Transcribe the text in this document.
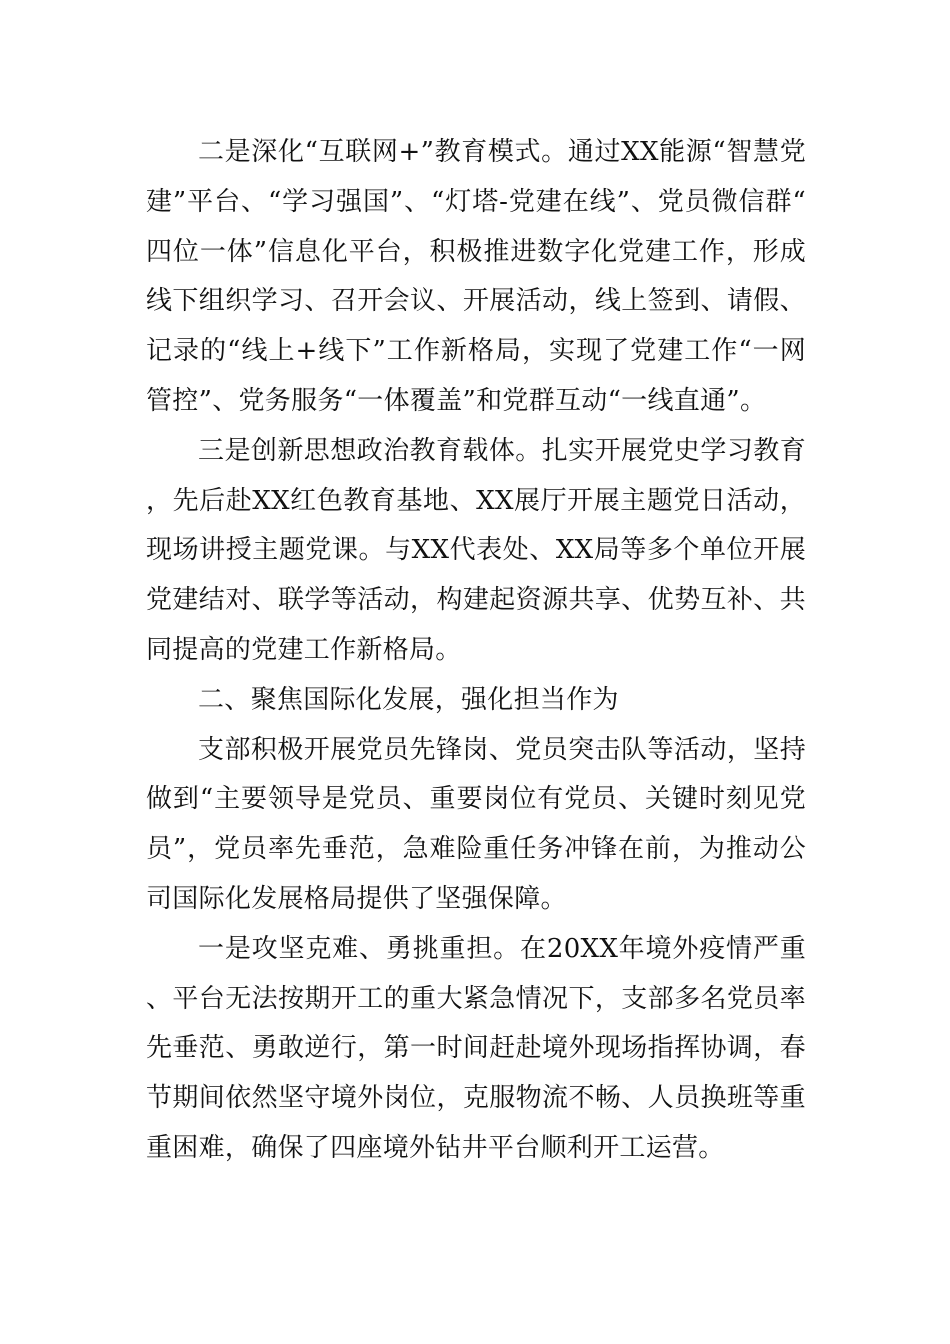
二是深化“互联网+”教育模式。通过XX能源“智慧党建”平台、“学习强国”、“灯塔-党建在线”、党员微信群“四位一体”信息化平台，积极推进数字化党建工作，形成线下组织学习、召开会议、开展活动，线上签到、请假、记录的“线上+线下”工作新格局，实现了党建工作“一网管控”、党务服务“一体覆盖”和党群互动“一线直通”。

三是创新思想政治教育载体。扎实开展党史学习教育，先后赴XX红色教育基地、XX展厅开展主题党日活动，现场讲授主题党课。与XX代表处、XX局等多个单位开展党建结对、联学等活动，构建起资源共享、优势互补、共同提高的党建工作新格局。

二、聚焦国际化发展，强化担当作为

支部积极开展党员先锋岗、党员突击队等活动，坚持做到“主要领导是党员、重要岗位有党员、关键时刻见党员”，党员率先垂范，急难险重任务冲锋在前，为推动公司国际化发展格局提供了坚强保障。

一是攻坚克难、勇挑重担。在20XX年境外疫情严重、平台无法按期开工的重大紧急情况下，支部多名党员率先垂范、勇敢逆行，第一时间赶赴境外现场指挥协调，春节期间依然坚守境外岗位，克服物流不畅、人员换班等重重困难，确保了四座境外钻井平台顺利开工运营。
